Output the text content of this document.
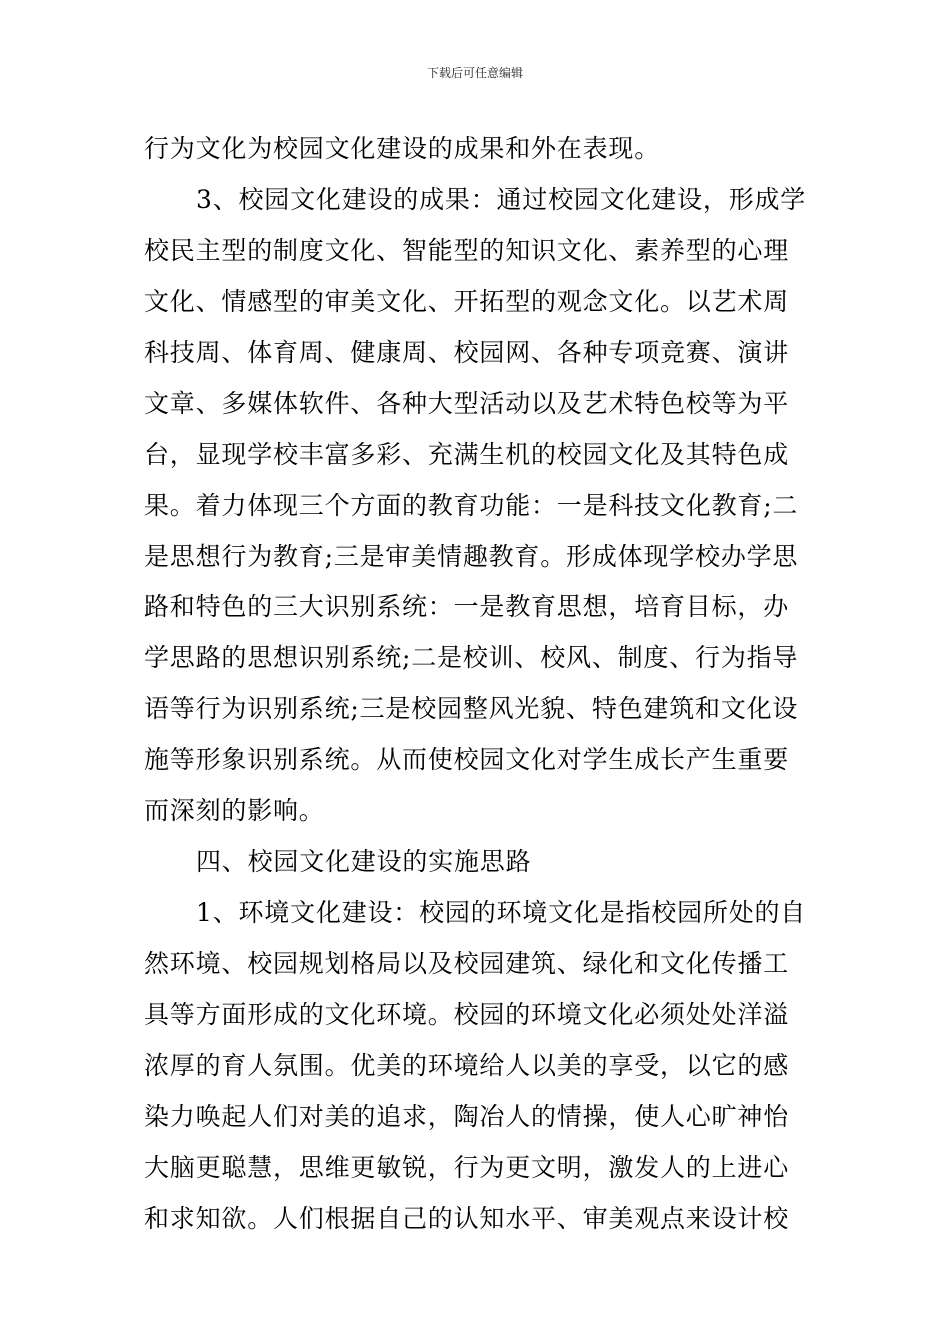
下载后可任意编辑
行为文化为校园文化建设的成果和外在表现。
3、校园文化建设的成果：通过校园文化建设，形成学
校民主型的制度文化、智能型的知识文化、素养型的心理
文化、情感型的审美文化、开拓型的观念文化。以艺术周
科技周、体育周、健康周、校园网、各种专项竞赛、演讲
文章、多媒体软件、各种大型活动以及艺术特色校等为平
台，显现学校丰富多彩、充满生机的校园文化及其特色成
果。着力体现三个方面的教育功能：一是科技文化教育;二
是思想行为教育;三是审美情趣教育。形成体现学校办学思
路和特色的三大识别系统：一是教育思想，培育目标，办
学思路的思想识别系统;二是校训、校风、制度、行为指导
语等行为识别系统;三是校园整风光貌、特色建筑和文化设
施等形象识别系统。从而使校园文化对学生成长产生重要
而深刻的影响。
四、校园文化建设的实施思路
1、环境文化建设：校园的环境文化是指校园所处的自
然环境、校园规划格局以及校园建筑、绿化和文化传播工
具等方面形成的文化环境。校园的环境文化必须处处洋溢
浓厚的育人氛围。优美的环境给人以美的享受，以它的感
染力唤起人们对美的追求，陶冶人的情操，使人心旷神怡
大脑更聪慧，思维更敏锐，行为更文明，激发人的上进心
和求知欲。人们根据自己的认知水平、审美观点来设计校
